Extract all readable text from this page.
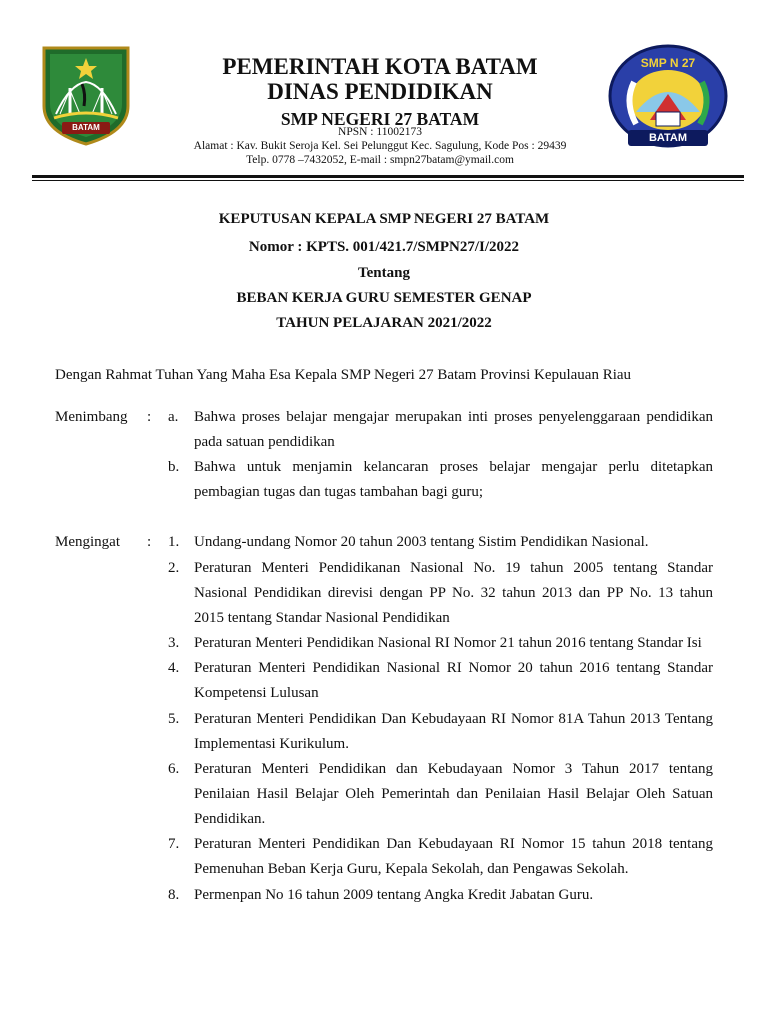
BATAM
SMP N 27
BATAM
PEMERINTAH KOTA BATAM
DINAS PENDIDIKAN
SMP NEGERI 27 BATAM
NPSN : 11002173
Alamat : Kav. Bukit Seroja Kel. Sei Pelunggut Kec. Sagulung, Kode Pos : 29439
Telp. 0778 –7432052, E-mail : smpn27batam@ymail.com
KEPUTUSAN KEPALA SMP NEGERI 27 BATAM
Nomor : KPTS. 001/421.7/SMPN27/I/2022
Tentang
BEBAN KERJA GURU SEMESTER GENAP
TAHUN PELAJARAN 2021/2022
Dengan Rahmat Tuhan Yang Maha Esa Kepala SMP Negeri 27 Batam Provinsi Kepulauan Riau
Menimbang : a.	Bahwa proses belajar mengajar merupakan inti proses penyelenggaraan pendidikan
pada satuan pendidikan
b. Bahwa untuk menjamin kelancaran proses belajar mengajar perlu ditetapkan
pembagian tugas dan tugas tambahan bagi guru;
Mengingat : 1. Undang-undang Nomor 20 tahun 2003 tentang Sistim Pendidikan Nasional.
2. Peraturan Menteri Pendidikanan Nasional No. 19 tahun 2005 tentang Standar
Nasional Pendidikan direvisi dengan PP No. 32 tahun 2013 dan PP No. 13 tahun
2015 tentang Standar Nasional Pendidikan
3. Peraturan Menteri Pendidikan Nasional RI Nomor 21 tahun 2016 tentang Standar Isi
4. Peraturan Menteri Pendidikan Nasional RI Nomor 20 tahun 2016 tentang Standar
Kompetensi Lulusan
5. Peraturan Menteri Pendidikan Dan Kebudayaan RI Nomor 81A Tahun 2013 Tentang
Implementasi Kurikulum.
6. Peraturan Menteri Pendidikan dan Kebudayaan Nomor 3 Tahun 2017 tentang
Penilaian Hasil Belajar Oleh Pemerintah dan Penilaian Hasil Belajar Oleh Satuan
Pendidikan.
7. Peraturan Menteri Pendidikan Dan Kebudayaan RI Nomor 15 tahun 2018 tentang
Pemenuhan Beban Kerja Guru, Kepala Sekolah, dan Pengawas Sekolah.
8. Permenpan No 16 tahun 2009 tentang Angka Kredit Jabatan Guru.
